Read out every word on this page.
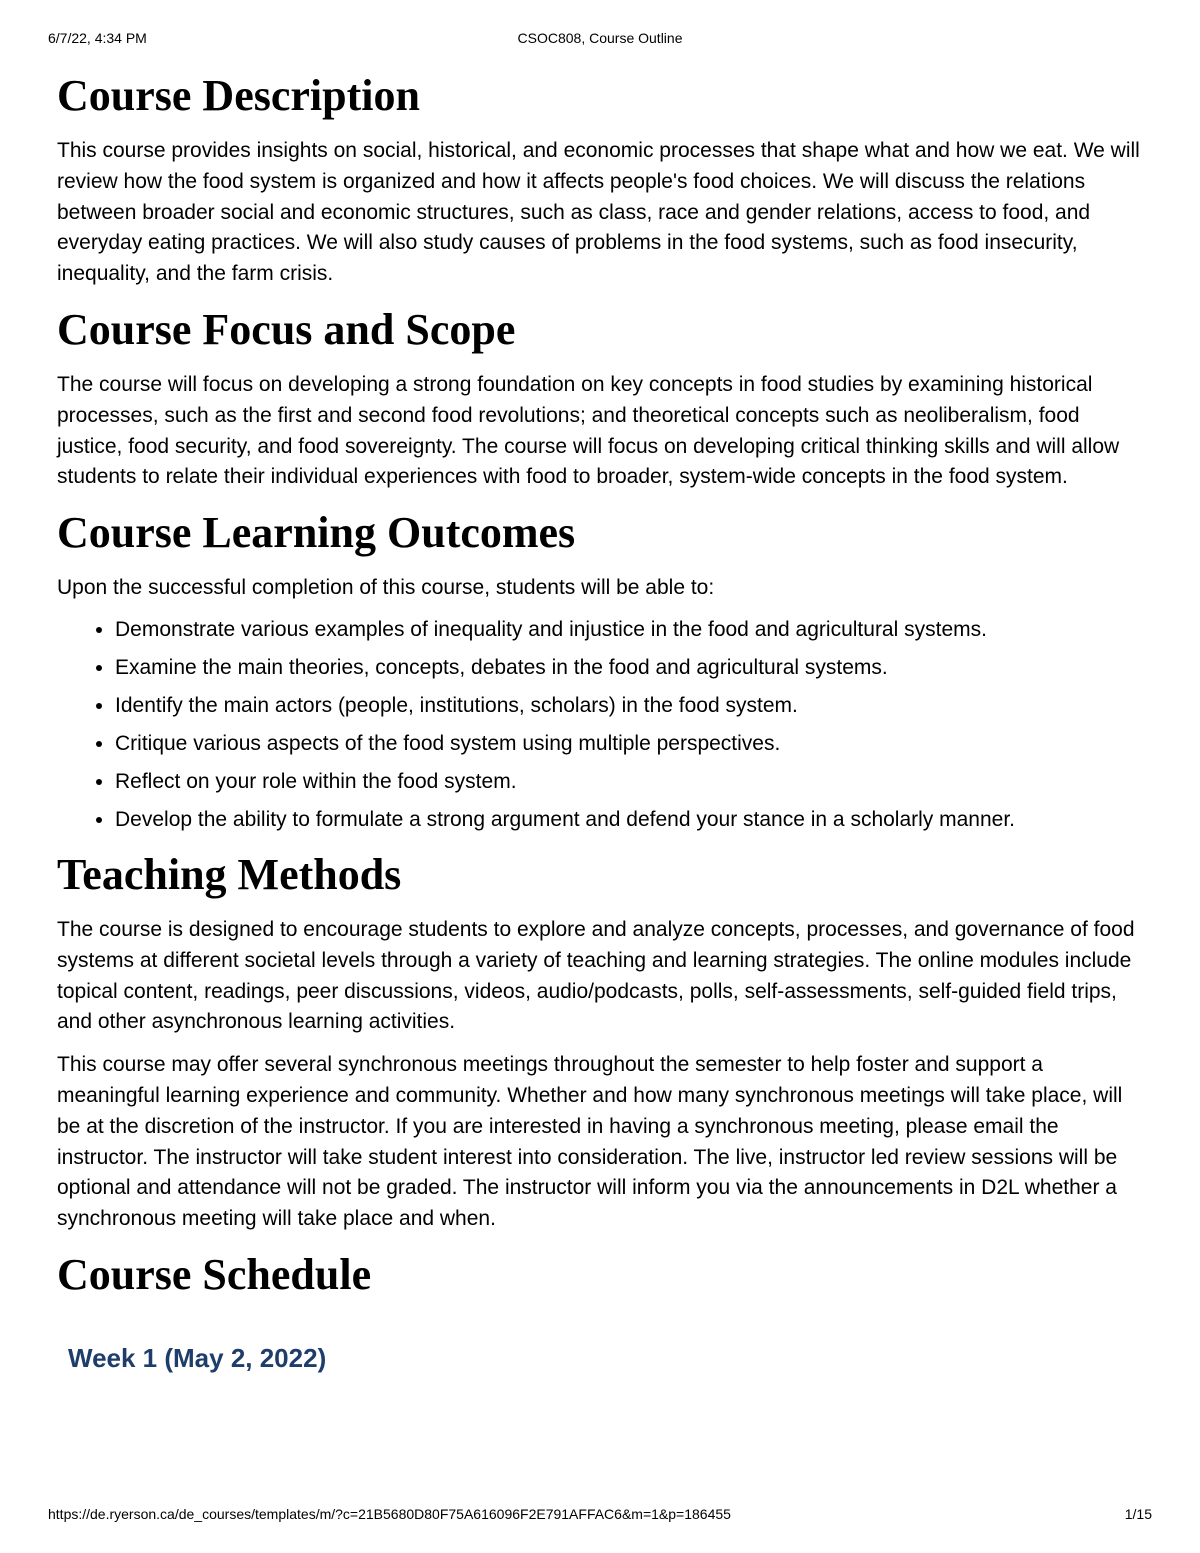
6/7/22, 4:34 PM	CSOC808, Course Outline
Course Description

This course provides insights on social, historical, and economic processes that shape what and how we eat. We will review how the food system is organized and how it affects people's food choices. We will discuss the relations between broader social and economic structures, such as class, race and gender relations, access to food, and everyday eating practices. We will also study causes of problems in the food systems, such as food insecurity, inequality, and the farm crisis.

Course Focus and Scope

The course will focus on developing a strong foundation on key concepts in food studies by examining historical processes, such as the first and second food revolutions; and theoretical concepts such as neoliberalism, food justice, food security, and food sovereignty. The course will focus on developing critical thinking skills and will allow students to relate their individual experiences with food to broader, system-wide concepts in the food system.

Course Learning Outcomes

Upon the successful completion of this course, students will be able to:

• Demonstrate various examples of inequality and injustice in the food and agricultural systems.
• Examine the main theories, concepts, debates in the food and agricultural systems.
• Identify the main actors (people, institutions, scholars) in the food system.
• Critique various aspects of the food system using multiple perspectives.
• Reflect on your role within the food system.
• Develop the ability to formulate a strong argument and defend your stance in a scholarly manner.
Teaching Methods

The course is designed to encourage students to explore and analyze concepts, processes, and governance of food systems at different societal levels through a variety of teaching and learning strategies. The online modules include topical content, readings, peer discussions, videos, audio/podcasts, polls, self-assessments, self-guided field trips, and other asynchronous learning activities.

This course may offer several synchronous meetings throughout the semester to help foster and support a meaningful learning experience and community. Whether and how many synchronous meetings will take place, will be at the discretion of the instructor. If you are interested in having a synchronous meeting, please email the instructor. The instructor will take student interest into consideration. The live, instructor led review sessions will be optional and attendance will not be graded. The instructor will inform you via the announcements in D2L whether a synchronous meeting will take place and when.

Course Schedule
Week 1 (May 2, 2022)
https://de.ryerson.ca/de_courses/templates/m/?c=21B5680D80F75A616096F2E791AFFAC6&m=1&p=186455	1/15
